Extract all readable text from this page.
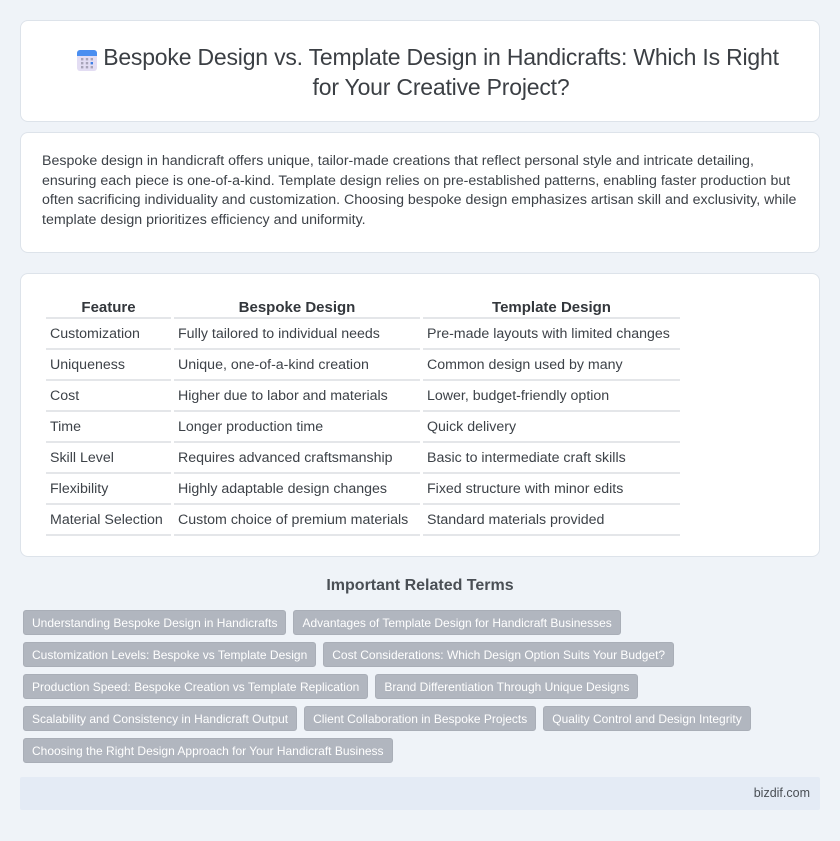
Bespoke Design vs. Template Design in Handicrafts: Which Is Right for Your Creative Project?

Bespoke design in handicraft offers unique, tailor-made creations that reflect personal style and intricate detailing, ensuring each piece is one-of-a-kind. Template design relies on pre-established patterns, enabling faster production but often sacrificing individuality and customization. Choosing bespoke design emphasizes artisan skill and exclusivity, while template design prioritizes efficiency and uniformity.

Feature	Bespoke Design	Template Design
Customization	Fully tailored to individual needs	Pre-made layouts with limited changes
Uniqueness	Unique, one-of-a-kind creation	Common design used by many
Cost	Higher due to labor and materials	Lower, budget-friendly option
Time	Longer production time	Quick delivery
Skill Level	Requires advanced craftsmanship	Basic to intermediate craft skills
Flexibility	Highly adaptable design changes	Fixed structure with minor edits
Material Selection	Custom choice of premium materials	Standard materials provided
Important Related Terms
Understanding Bespoke Design in Handicrafts	Advantages of Template Design for Handicraft Businesses
Customization Levels: Bespoke vs Template Design	Cost Considerations: Which Design Option Suits Your Budget?
Production Speed: Bespoke Creation vs Template Replication	Brand Differentiation Through Unique Designs
Scalability and Consistency in Handicraft Output	Client Collaboration in Bespoke Projects	Quality Control and Design Integrity
Choosing the Right Design Approach for Your Handicraft Business
bizdif.com
